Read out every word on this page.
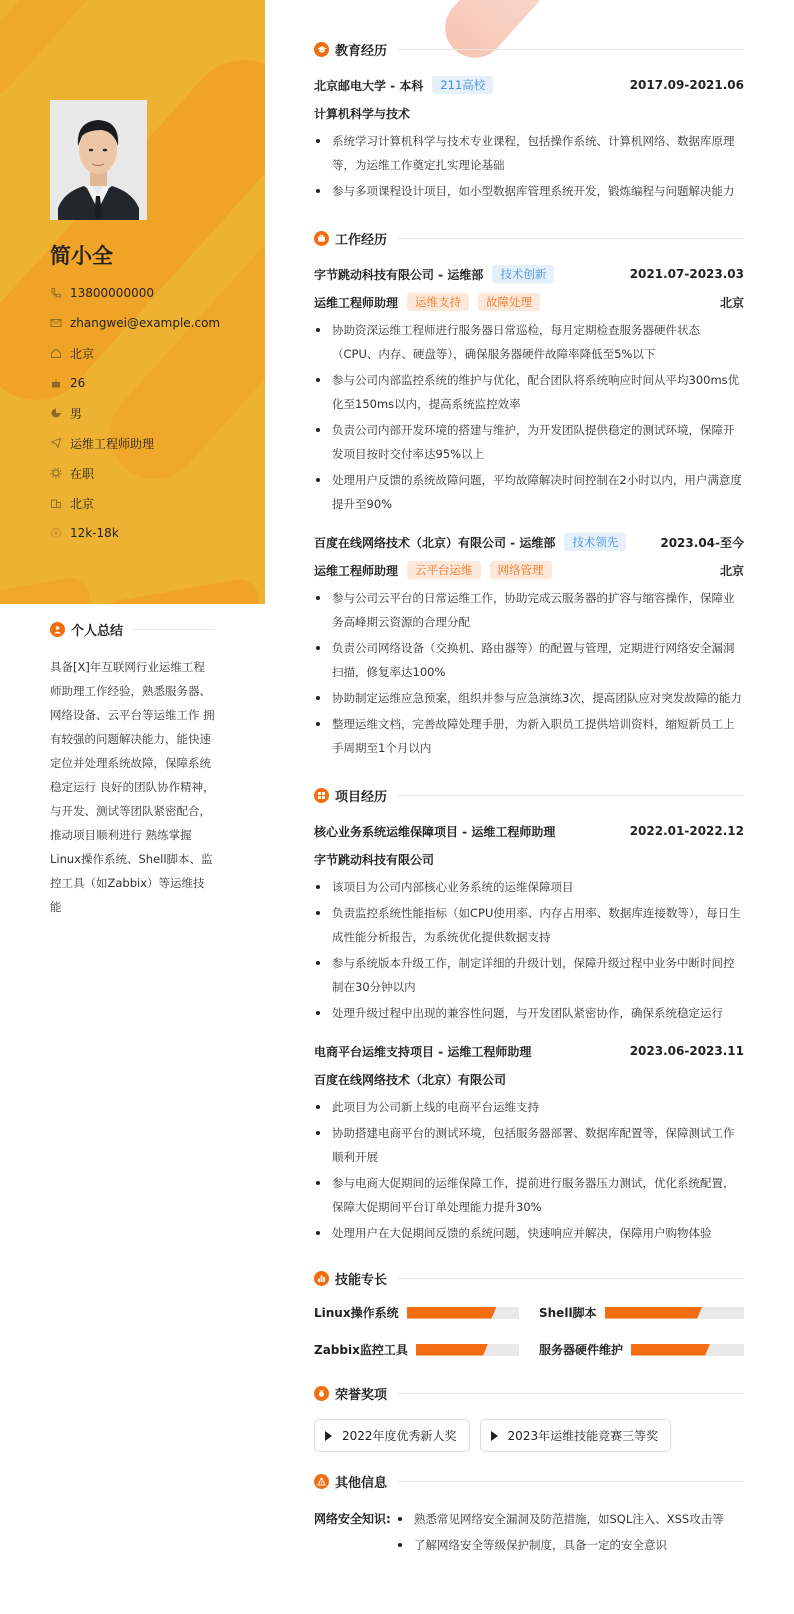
简小全
13800000000
zhangwei@example.com
北京
26
男
运维工程师助理
在职
北京
12k-18k
个人总结
具备[X]年互联网行业运维工程师助理工作经验，熟悉服务器、网络设备、云平台等运维工作 拥有较强的问题解决能力，能快速定位并处理系统故障，保障系统稳定运行 良好的团队协作精神，与开发、测试等团队紧密配合，推动项目顺利进行 熟练掌握Linux操作系统、Shell脚本、监控工具（如Zabbix）等运维技能
教育经历
北京邮电大学 - 本科	211高校	2017.09-2021.06
计算机科学与技术
系统学习计算机科学与技术专业课程，包括操作系统、计算机网络、数据库原理等，为运维工作奠定扎实理论基础
参与多项课程设计项目，如小型数据库管理系统开发，锻炼编程与问题解决能力
工作经历
字节跳动科技有限公司 - 运维部	技术创新	2021.07-2023.03
运维工程师助理	运维支持	故障处理	北京
协助资深运维工程师进行服务器日常巡检，每月定期检查服务器硬件状态（CPU、内存、硬盘等），确保服务器硬件故障率降低至5%以下
参与公司内部监控系统的维护与优化，配合团队将系统响应时间从平均300ms优化至150ms以内，提高系统监控效率
负责公司内部开发环境的搭建与维护，为开发团队提供稳定的测试环境，保障开发项目按时交付率达95%以上
处理用户反馈的系统故障问题，平均故障解决时间控制在2小时以内，用户满意度提升至90%
百度在线网络技术（北京）有限公司 - 运维部	技术领先	2023.04-至今
运维工程师助理	云平台运维	网络管理	北京
参与公司云平台的日常运维工作，协助完成云服务器的扩容与缩容操作，保障业务高峰期云资源的合理分配
负责公司网络设备（交换机、路由器等）的配置与管理，定期进行网络安全漏洞扫描，修复率达100%
协助制定运维应急预案，组织并参与应急演练3次，提高团队应对突发故障的能力
整理运维文档，完善故障处理手册，为新入职员工提供培训资料，缩短新员工上手周期至1个月以内
项目经历
核心业务系统运维保障项目 - 运维工程师助理	2022.01-2022.12
字节跳动科技有限公司
该项目为公司内部核心业务系统的运维保障项目
负责监控系统性能指标（如CPU使用率、内存占用率、数据库连接数等），每日生成性能分析报告，为系统优化提供数据支持
参与系统版本升级工作，制定详细的升级计划，保障升级过程中业务中断时间控制在30分钟以内
处理升级过程中出现的兼容性问题，与开发团队紧密协作，确保系统稳定运行
电商平台运维支持项目 - 运维工程师助理	2023.06-2023.11
百度在线网络技术（北京）有限公司
此项目为公司新上线的电商平台运维支持
协助搭建电商平台的测试环境，包括服务器部署、数据库配置等，保障测试工作顺利开展
参与电商大促期间的运维保障工作，提前进行服务器压力测试，优化系统配置，保障大促期间平台订单处理能力提升30%
处理用户在大促期间反馈的系统问题，快速响应并解决，保障用户购物体验
技能专长
Linux操作系统	Shell脚本
Zabbix监控工具	服务器硬件维护
荣誉奖项
2022年度优秀新人奖	2023年运维技能竞赛三等奖
其他信息
网络安全知识:	熟悉常见网络安全漏洞及防范措施，如SQL注入、XSS攻击等
了解网络安全等级保护制度，具备一定的安全意识
